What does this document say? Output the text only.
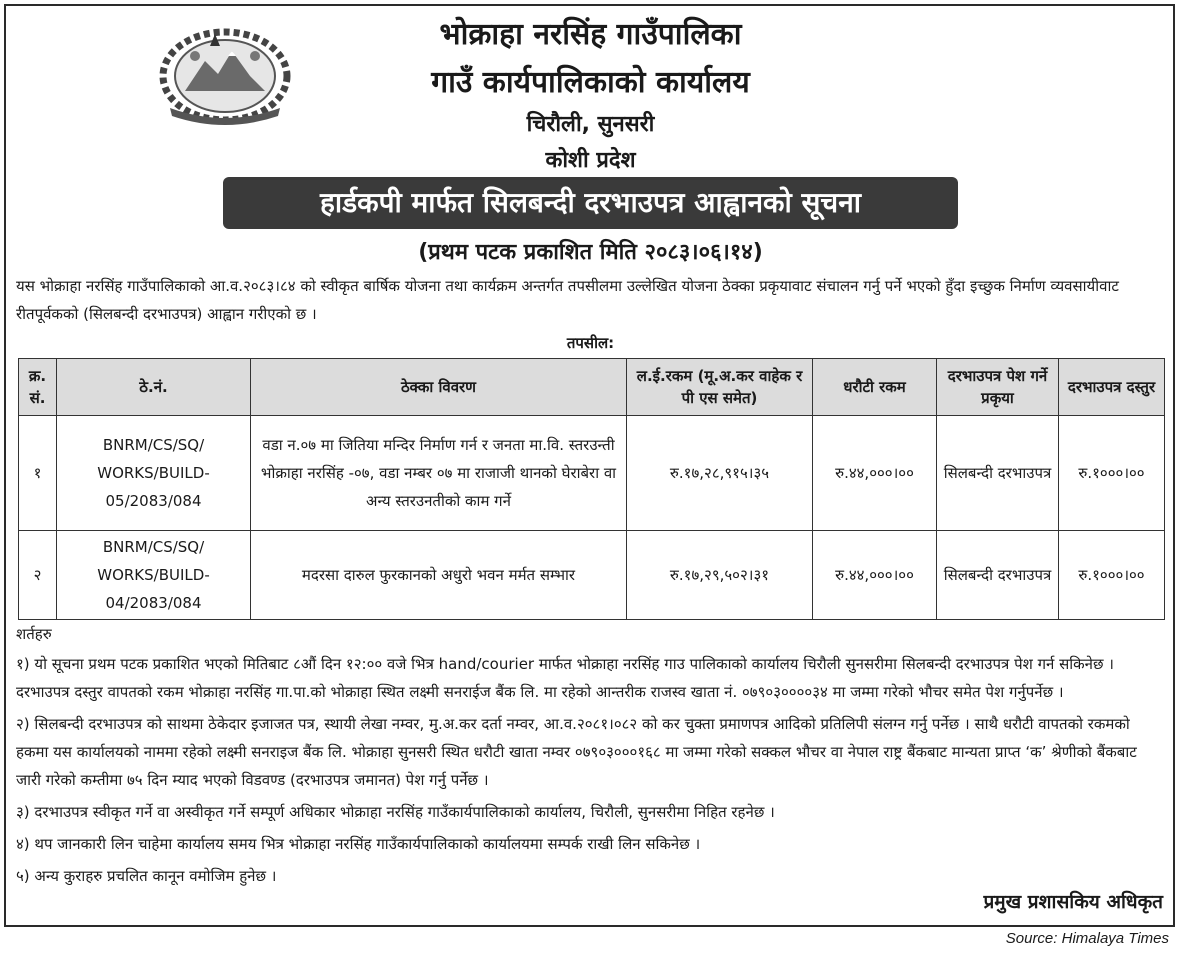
भोक्राहा नरसिंह गाउँपालिका
गाउँ कार्यपालिकाको कार्यालय
चिरौली, सुनसरी
कोशी प्रदेश
हार्डकपी मार्फत सिलबन्दी दरभाउपत्र आह्वानको सूचना
(प्रथम पटक प्रकाशित मिति २०८३।०६।१४)

यस भोक्राहा नरसिंह गाउँपालिकाको आ.व.२०८३।८४ को स्वीकृत बार्षिक योजना तथा कार्यक्रम अन्तर्गत तपसीलमा उल्लेखित योजना ठेक्का प्रकृयावाट संचालन गर्नु पर्ने भएको हुँदा इच्छुक निर्माण व्यवसायीवाट रीतपूर्वकको (सिलबन्दी दरभाउपत्र) आह्वान गरीएको छ ।

तपसील:
क्र. सं.	ठे.नं.	ठेक्का विवरण	ल.ई.रकम (मू.अ.कर वाहेक र पी एस समेत)	धरौटी रकम	दरभाउपत्र पेश गर्ने प्रकृया	दरभाउपत्र दस्तुर
१	BNRM/CS/SQ/ WORKS/BUILD- 05/2083/084	वडा न.०७ मा जितिया मन्दिर निर्माण गर्न र जनता मा.वि. स्तरउन्ती भोक्राहा नरसिंह -०७, वडा नम्बर ०७ मा राजाजी थानको घेराबेरा वा अन्य स्तरउनतीको काम गर्ने	रु.१७,२८,९१५।३५	रु.४४,०००।००	सिलबन्दी दरभाउपत्र	रु.१०००।००
२	BNRM/CS/SQ/ WORKS/BUILD- 04/2083/084	मदरसा दारुल फुरकानको अधुरो भवन मर्मत सम्भार	रु.१७,२९,५०२।३१	रु.४४,०००।००	सिलबन्दी दरभाउपत्र	रु.१०००।००
शर्तहरु
१) यो सूचना प्रथम पटक प्रकाशित भएको मितिबाट ८औं दिन १२:०० वजे भित्र hand/courier मार्फत भोक्राहा नरसिंह गाउ पालिकाको कार्यालय चिरौली सुनसरीमा सिलबन्दी दरभाउपत्र पेश गर्न सकिनेछ । दरभाउपत्र दस्तुर वापतको रकम भोक्राहा नरसिंह गा.पा.को भोक्राहा स्थित लक्ष्मी सनराईज बैंक लि. मा रहेको आन्तरीक राजस्व खाता नं. ०७९०३००००३४ मा जम्मा गरेको भौचर समेत पेश गर्नुपर्नेछ ।
२) सिलबन्दी दरभाउपत्र को साथमा ठेकेदार इजाजत पत्र, स्थायी लेखा नम्वर, मु.अ.कर दर्ता नम्वर, आ.व.२०८१।०८२ को कर चुक्ता प्रमाणपत्र आदिको प्रतिलिपी संलग्न गर्नु पर्नेछ । साथै धरौटी वापतको रकमको हकमा यस कार्यालयको नाममा रहेको लक्ष्मी सनराइज बैंक लि. भोक्राहा सुनसरी स्थित धरौटी खाता नम्वर ०७९०३०००१६८ मा जम्मा गरेको सक्कल भौचर वा नेपाल राष्ट्र बैंकबाट मान्यता प्राप्त ‘क’ श्रेणीको बैंकबाट जारी गरेको कम्तीमा ७५ दिन म्याद भएको विडवण्ड (दरभाउपत्र जमानत) पेश गर्नु पर्नेछ ।
३) दरभाउपत्र स्वीकृत गर्ने वा अस्वीकृत गर्ने सम्पूर्ण अधिकार भोक्राहा नरसिंह गाउँकार्यपालिकाको कार्यालय, चिरौली, सुनसरीमा निहित रहनेछ ।
४) थप जानकारी लिन चाहेमा कार्यालय समय भित्र भोक्राहा नरसिंह गाउँकार्यपालिकाको कार्यालयमा सम्पर्क राखी लिन सकिनेछ ।
५) अन्य कुराहरु प्रचलित कानून वमोजिम हुनेछ ।
प्रमुख प्रशासकिय अधिकृत
Source: Himalaya Times
